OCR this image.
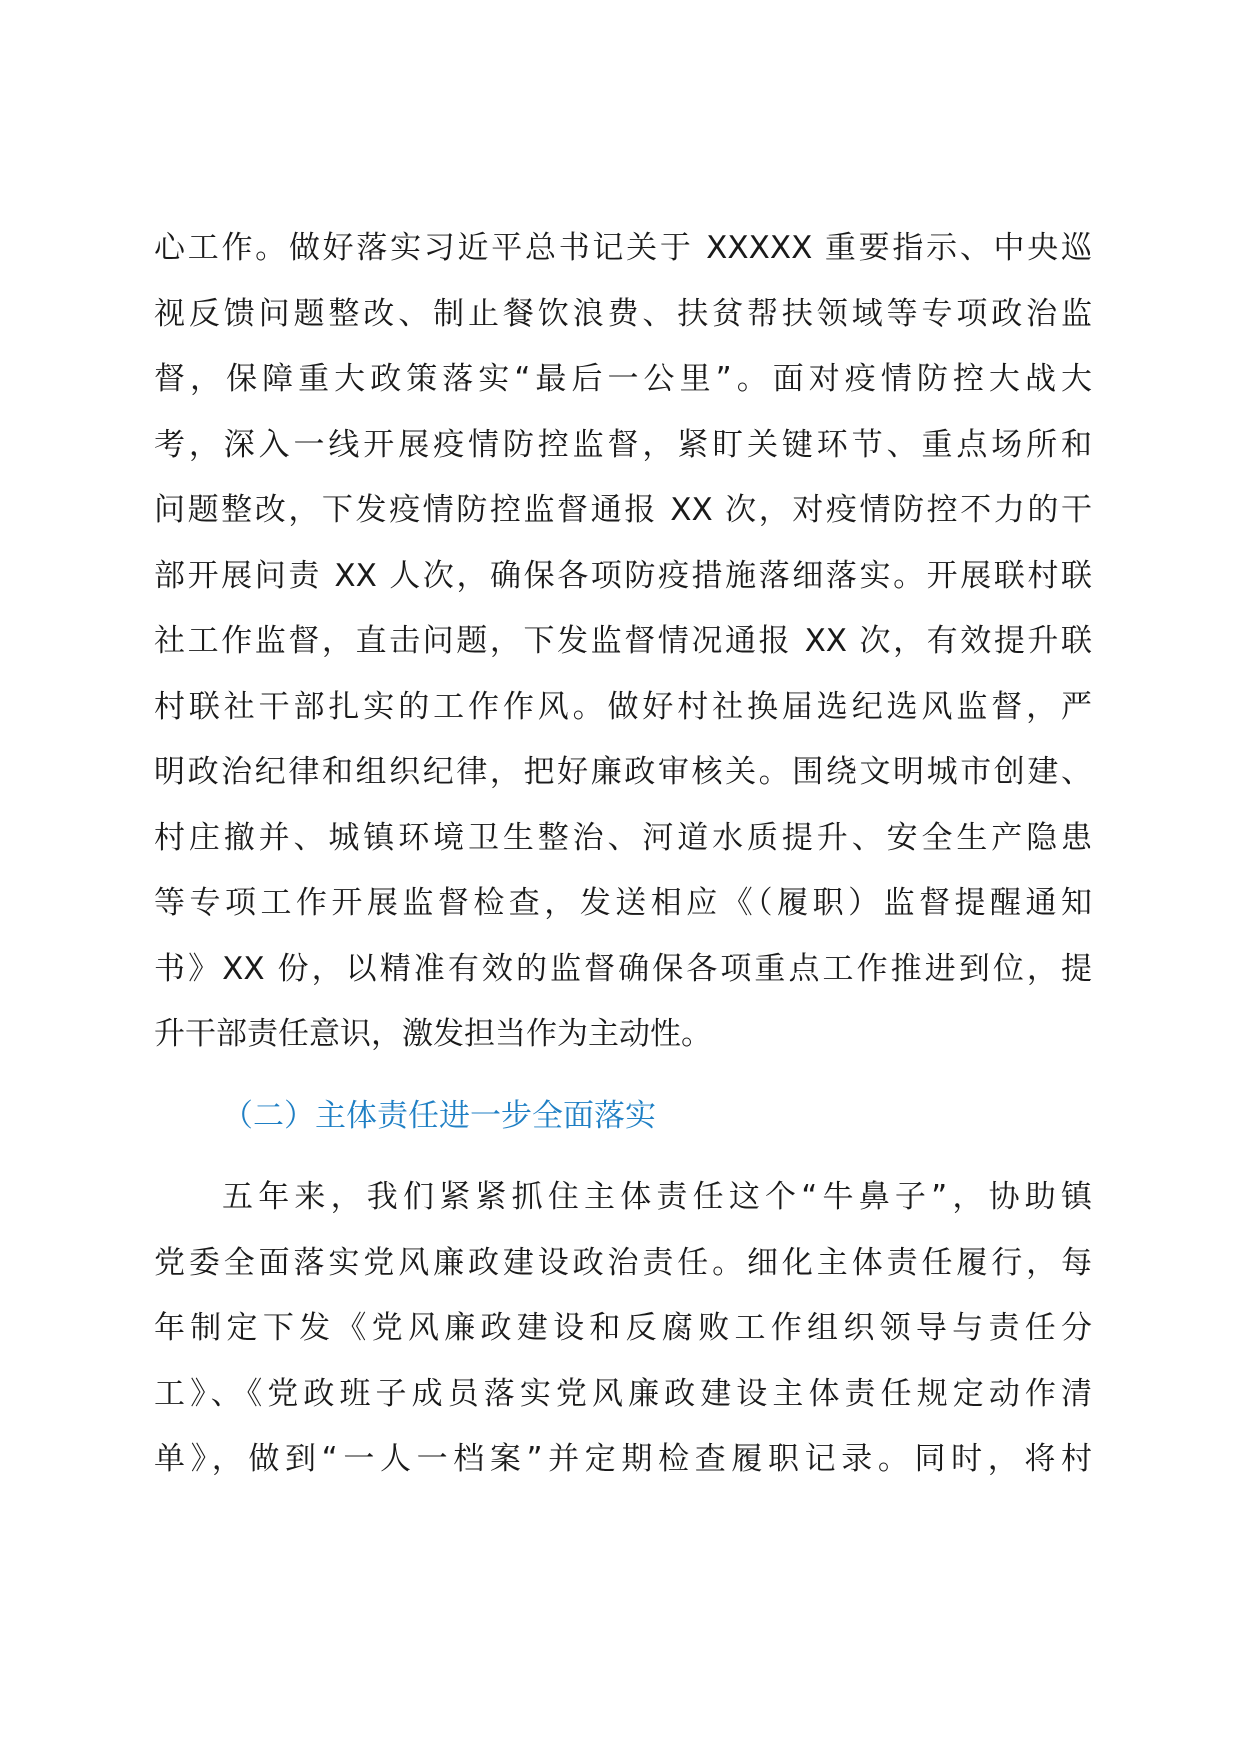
心工作。做好落实习近平总书记关于 XXXXX 重要指示、中央巡
视反馈问题整改、制止餐饮浪费、扶贫帮扶领域等专项政治监
督，保障重大政策落实“最后一公里”。面对疫情防控大战大
考，深入一线开展疫情防控监督，紧盯关键环节、重点场所和
问题整改，下发疫情防控监督通报 XX 次，对疫情防控不力的干
部开展问责 XX 人次，确保各项防疫措施落细落实。开展联村联
社工作监督，直击问题，下发监督情况通报 XX 次，有效提升联
村联社干部扎实的工作作风。做好村社换届选纪选风监督，严
明政治纪律和组织纪律，把好廉政审核关。围绕文明城市创建、
村庄撤并、城镇环境卫生整治、河道水质提升、安全生产隐患
等专项工作开展监督检查，发送相应《（履职）监督提醒通知
书》XX 份，以精准有效的监督确保各项重点工作推进到位，提
升干部责任意识，激发担当作为主动性。
（二）主体责任进一步全面落实
五年来，我们紧紧抓住主体责任这个“牛鼻子”，协助镇
党委全面落实党风廉政建设政治责任。细化主体责任履行，每
年制定下发《党风廉政建设和反腐败工作组织领导与责任分
工》、《党政班子成员落实党风廉政建设主体责任规定动作清
单》，做到“一人一档案”并定期检查履职记录。同时，将村
